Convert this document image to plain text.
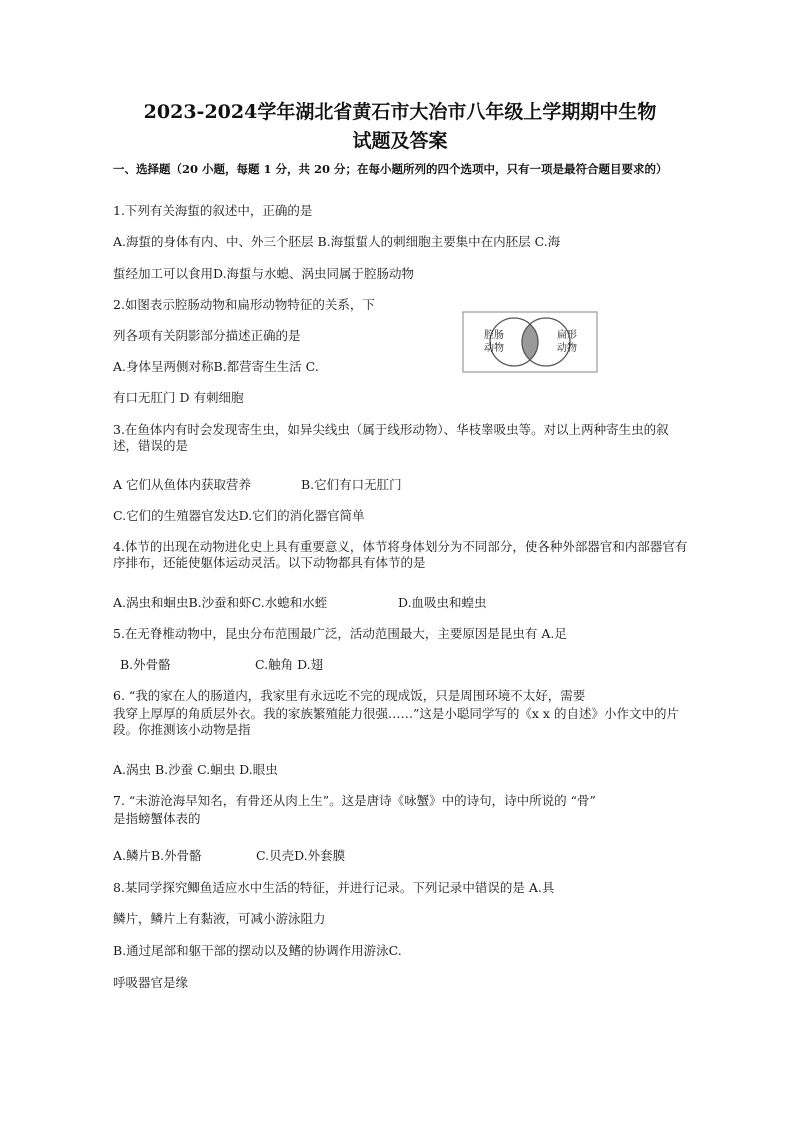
2023-2024学年湖北省黄石市大冶市八年级上学期期中生物
试题及答案
一、选择题（20 小题，每题 1 分，共 20 分；在每小题所列的四个选项中，只有一项是最符合题目要求的）
1.下列有关海蜇的叙述中，正确的是
A.海蜇的身体有内、中、外三个胚层 B.海蜇蜇人的刺细胞主要集中在内胚层 C.海
蜇经加工可以食用D.海蜇与水螅、涡虫同属于腔肠动物
2.如图表示腔肠动物和扁形动物特征的关系，下
列各项有关阴影部分描述正确的是
A.身体呈两侧对称B.都营寄生生活 C.
有口无肛门 D 有刺细胞
腔肠
动物
扁形
动物
3.在鱼体内有时会发现寄生虫，如异尖线虫（属于线形动物）、华枝睾吸虫等。对以上两种寄生虫的叙述，错误的是
A 它们从鱼体内获取营养	B.它们有口无肛门
C.它们的生殖器官发达D.它们的消化器官简单
4.体节的出现在动物进化史上具有重要意义，体节将身体划分为不同部分，使各种外部器官和内部器官有序排布，还能使躯体运动灵活。以下动物都具有体节的是
A.涡虫和蛔虫B.沙蚕和虾C.水螅和水蛭	D.血吸虫和蝗虫
5.在无脊椎动物中，昆虫分布范围最广泛，活动范围最大，主要原因是昆虫有 A.足
B.外骨骼	C.触角 D.翅
6. “我的家在人的肠道内，我家里有永远吃不完的现成饭，只是周围环境不太好，需要
我穿上厚厚的角质层外衣。我的家族繁殖能力很强……”这是小聪同学写的《x x 的自述》小作文中的片段。你推测该小动物是指
A.涡虫 B.沙蚕 C.蛔虫 D.眼虫
7. “未游沧海早知名，有骨还从肉上生”。这是唐诗《咏蟹》中的诗句，诗中所说的 “骨”
是指螃蟹体表的
A.鳞片B.外骨骼	C.贝壳D.外套膜
8.某同学探究鲫鱼适应水中生活的特征，并进行记录。下列记录中错误的是 A.具
鳞片，鳞片上有黏液，可减小游泳阻力
B.通过尾部和躯干部的摆动以及鳍的协调作用游泳C.
呼吸器官是缘
